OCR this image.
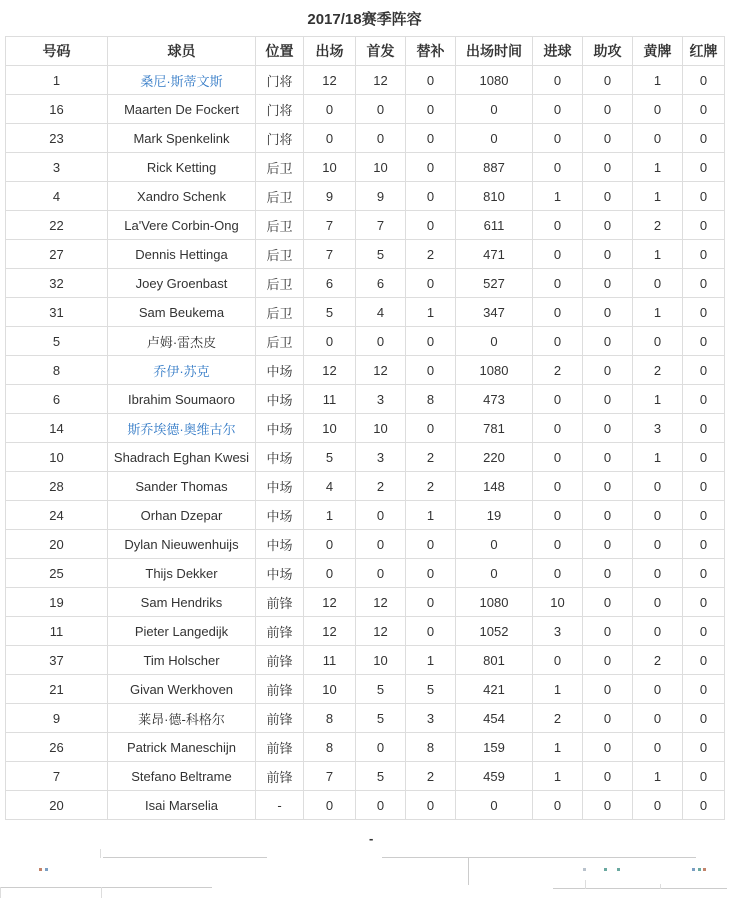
2017/18赛季阵容
号码	球员	位置	出场	首发	替补	出场时间	进球	助攻	黄牌	红牌
1	桑尼·斯蒂文斯	门将	12	12	0	1080	0	0	1	0
16	Maarten De Fockert	门将	0	0	0	0	0	0	0	0
23	Mark Spenkelink	门将	0	0	0	0	0	0	0	0
3	Rick Ketting	后卫	10	10	0	887	0	0	1	0
4	Xandro Schenk	后卫	9	9	0	810	1	0	1	0
22	La'Vere Corbin-Ong	后卫	7	7	0	611	0	0	2	0
27	Dennis Hettinga	后卫	7	5	2	471	0	0	1	0
32	Joey Groenbast	后卫	6	6	0	527	0	0	0	0
31	Sam Beukema	后卫	5	4	1	347	0	0	1	0
5	卢姆·雷杰皮	后卫	0	0	0	0	0	0	0	0
8	乔伊·苏克	中场	12	12	0	1080	2	0	2	0
6	Ibrahim Soumaoro	中场	11	3	8	473	0	0	1	0
14	斯乔埃德·奥维古尔	中场	10	10	0	781	0	0	3	0
10	Shadrach Eghan Kwesi	中场	5	3	2	220	0	0	1	0
28	Sander Thomas	中场	4	2	2	148	0	0	0	0
24	Orhan Dzepar	中场	1	0	1	19	0	0	0	0
20	Dylan Nieuwenhuijs	中场	0	0	0	0	0	0	0	0
25	Thijs Dekker	中场	0	0	0	0	0	0	0	0
19	Sam Hendriks	前锋	12	12	0	1080	10	0	0	0
11	Pieter Langedijk	前锋	12	12	0	1052	3	0	0	0
37	Tim Holscher	前锋	11	10	1	801	0	0	2	0
21	Givan Werkhoven	前锋	10	5	5	421	1	0	0	0
9	莱昂·德-科格尔	前锋	8	5	3	454	2	0	0	0
26	Patrick Maneschijn	前锋	8	0	8	159	1	0	0	0
7	Stefano Beltrame	前锋	7	5	2	459	1	0	1	0
20	Isai Marselia	-	0	0	0	0	0	0	0	0
-
